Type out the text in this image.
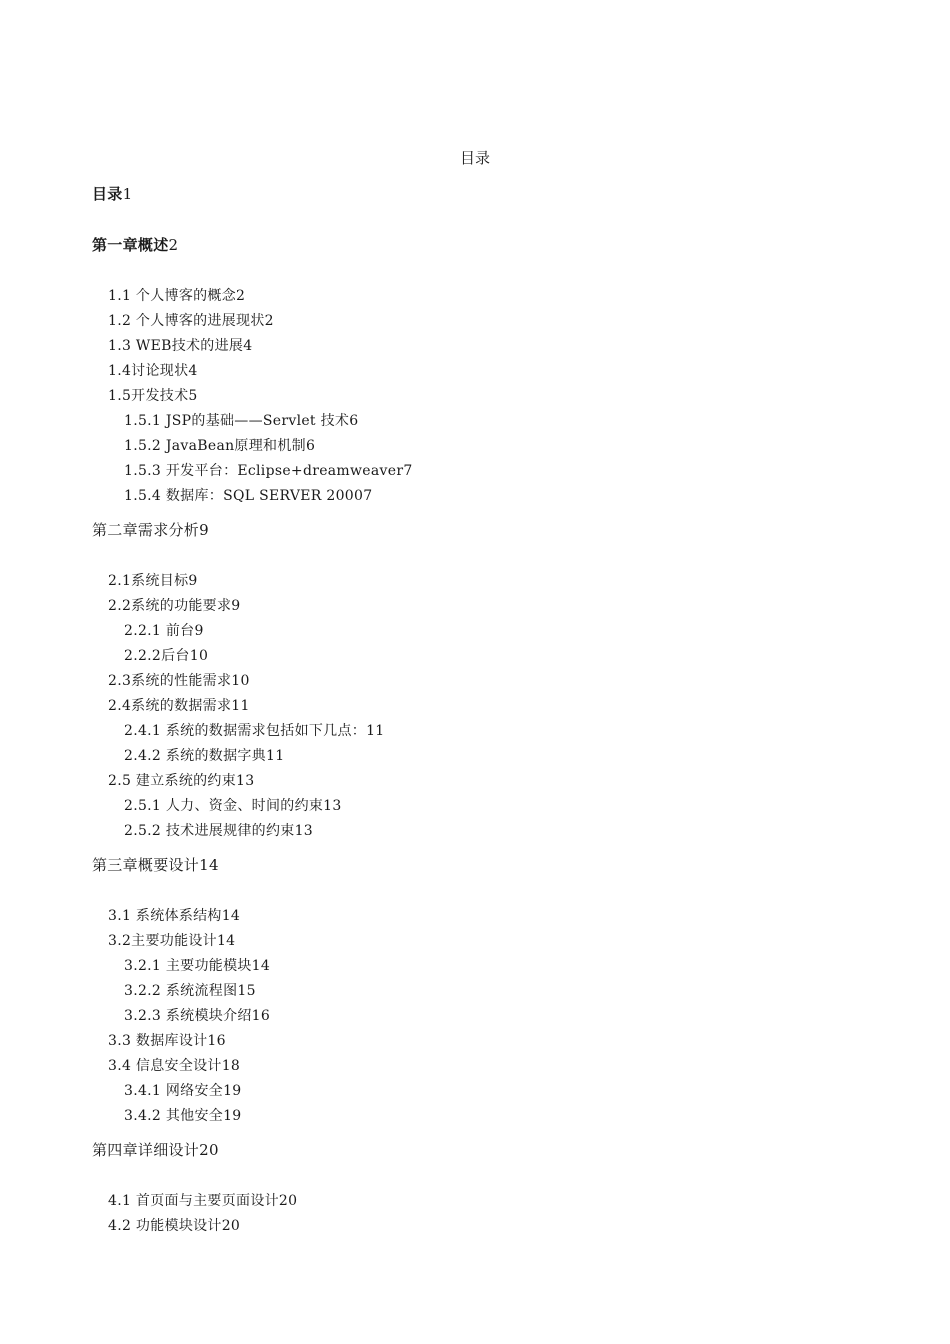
目录
目录1
第一章概述2
1.1 个人博客的概念2
1.2 个人博客的进展现状2
1.3 WEB技术的进展4
1.4讨论现状4
1.5开发技术5
1.5.1 JSP的基础——Servlet 技术6
1.5.2 JavaBean原理和机制6
1.5.3 开发平台：Eclipse+dreamweaver7
1.5.4 数据库：SQL SERVER 20007
第二章需求分析9
2.1系统目标9
2.2系统的功能要求9
2.2.1 前台9
2.2.2后台10
2.3系统的性能需求10
2.4系统的数据需求11
2.4.1 系统的数据需求包括如下几点：11
2.4.2 系统的数据字典11
2.5 建立系统的约束13
2.5.1 人力、资金、时间的约束13
2.5.2 技术进展规律的约束13
第三章概要设计14
3.1 系统体系结构14
3.2主要功能设计14
3.2.1 主要功能模块14
3.2.2 系统流程图15
3.2.3 系统模块介绍16
3.3 数据库设计16
3.4 信息安全设计18
3.4.1 网络安全19
3.4.2 其他安全19
第四章详细设计20
4.1 首页面与主要页面设计20
4.2 功能模块设计20
